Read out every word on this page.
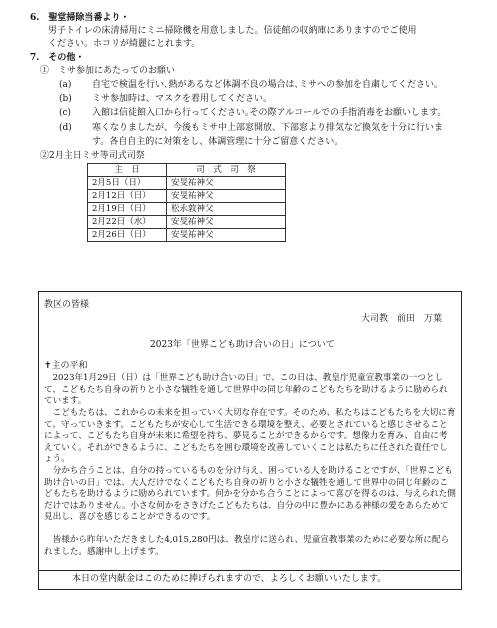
6.　聖堂掃除当番より・
男子トイレの床清掃用にミニ掃除機を用意しました。信徒館の収納庫にありますのでご使用
ください。ホコリが綺麗にとれます。
7.　その他・
①　ミサ参加にあたってのお願い
(a) 自宅で検温を行い､熱があるなど体調不良の場合は､ミサへの参加を自粛してください。
(b) ミサ参加時は、マスクを着用してください。
(c) 入館は信徒館入口から行ってください｡その際アルコールでの手指消毒をお願いします。
(d) 寒くなりましたが、今後もミサ中上部窓開放、下部窓より排気など換気を十分に行いま
す。各自自主的に対策をし、体調管理に十分ご留意ください。
②2月主日ミサ等司式司祭
主　日	司　式　司　祭
2月5日（日）	安旻祐神父
2月12日（日）	安旻祐神父
2月19日（日）	松永敦神父
2月22日（水）	安旻祐神父
2月26日（日）	安旻祐神父
教区の皆様
大司教　前田　万葉
2023年「世界こども助け合いの日」について
✝主の平和
　2023年1月29日（日）は「世界こども助け合いの日」で、この日は、教皇庁児童宣教事業の一つとして、こどもたち自身の祈りと小さな犠牲を通して世界中の同じ年齢のこどもたちを助けるように励められています。
　こどもたちは、これからの未来を担っていく大切な存在です。そのため、私たちはこどもたちを大切に育て、守っていきます。こどもたちが安心して生活できる環境を整え、必要とされていると感じさせることによって、こどもたち自身が未来に希望を持ち、夢見ることができるからです。想像力を育み、自由に考えていく。それができるように、こどもたちを囲む環境を改善していくことは私たちに任された責任でしょう。
　分かち合うことは、自分の持っているものを分け与え、困っている人を助けることですが、「世界こども助け合いの日」では、大人だけでなくこどもたち自身の祈りと小さな犠牲を通して世界中の同じ年齢のこどもたちを助けるように励められています。何かを分かち合うことによって喜びを得るのは、与えられた側だけではありません。小さな何かをさきげたこどもたちは、自分の中に豊かにある神様の愛をあらためて見出し、喜びを感じることができるのです。
　皆様から昨年いただきました4,015,280円は、教皇庁に送られ、児童宣教事業のために必要な所に配られました。感謝申し上げます。
本日の堂内献金はこのために捧げられますので、よろしくお願いいたします。
